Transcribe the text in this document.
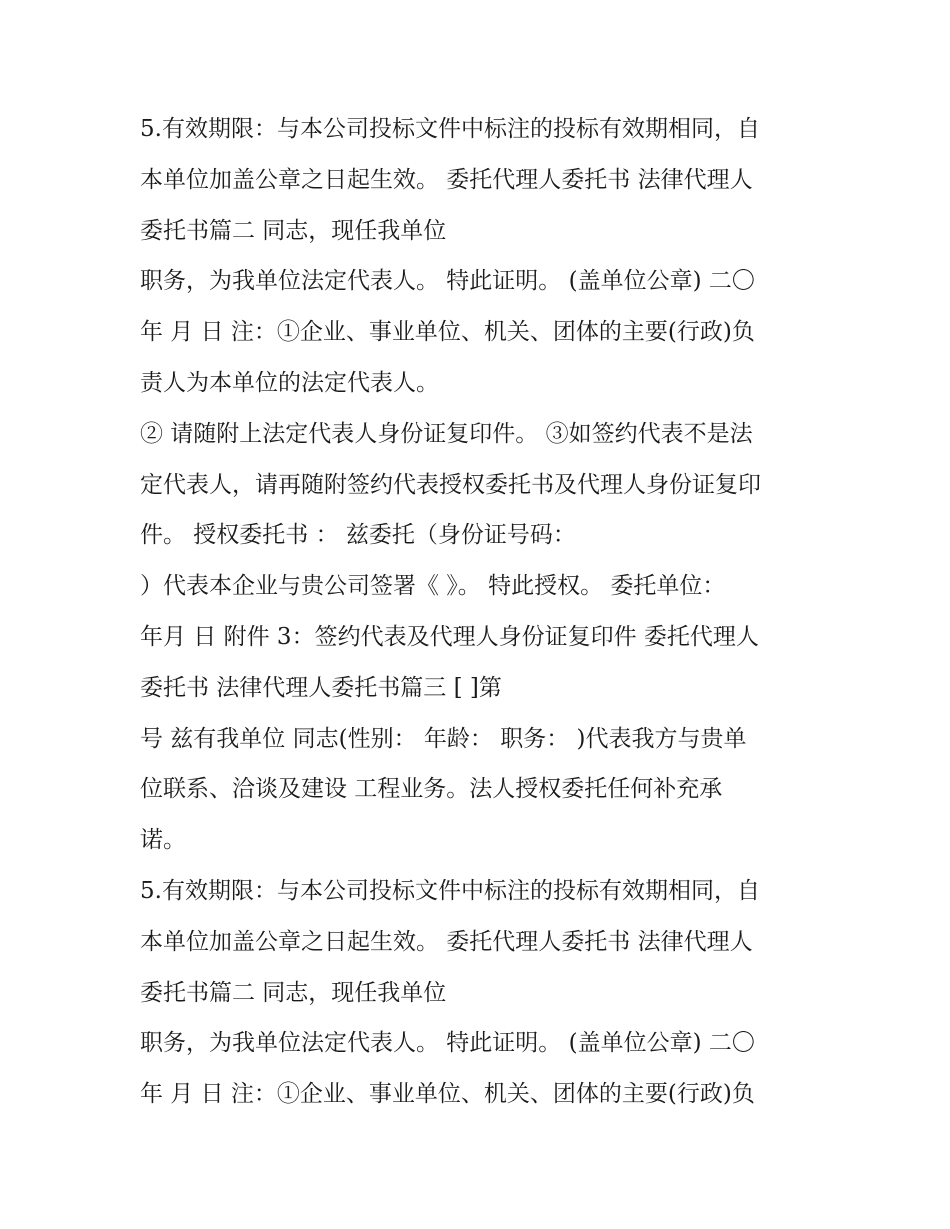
5.有效期限：与本公司投标文件中标注的投标有效期相同，自
本单位加盖公章之日起生效。 委托代理人委托书 法律代理人
委托书篇二 同志，现任我单位
职务，为我单位法定代表人。 特此证明。 (盖单位公章) 二〇
年 月 日 注：①企业、事业单位、机关、团体的主要(行政)负
责人为本单位的法定代表人。
② 请随附上法定代表人身份证复印件。 ③如签约代表不是法
定代表人，请再随附签约代表授权委托书及代理人身份证复印
件。 授权委托书 ： 兹委托（身份证号码：
）代表本企业与贵公司签署《 》。 特此授权。 委托单位：
年月 日 附件 3：签约代表及代理人身份证复印件 委托代理人
委托书 法律代理人委托书篇三 [ ]第
号 兹有我单位 同志(性别： 年龄： 职务： )代表我方与贵单
位联系、洽谈及建设 工程业务。法人授权委托任何补充承
诺。
5.有效期限：与本公司投标文件中标注的投标有效期相同，自
本单位加盖公章之日起生效。 委托代理人委托书 法律代理人
委托书篇二 同志，现任我单位
职务，为我单位法定代表人。 特此证明。 (盖单位公章) 二〇
年 月 日 注：①企业、事业单位、机关、团体的主要(行政)负
